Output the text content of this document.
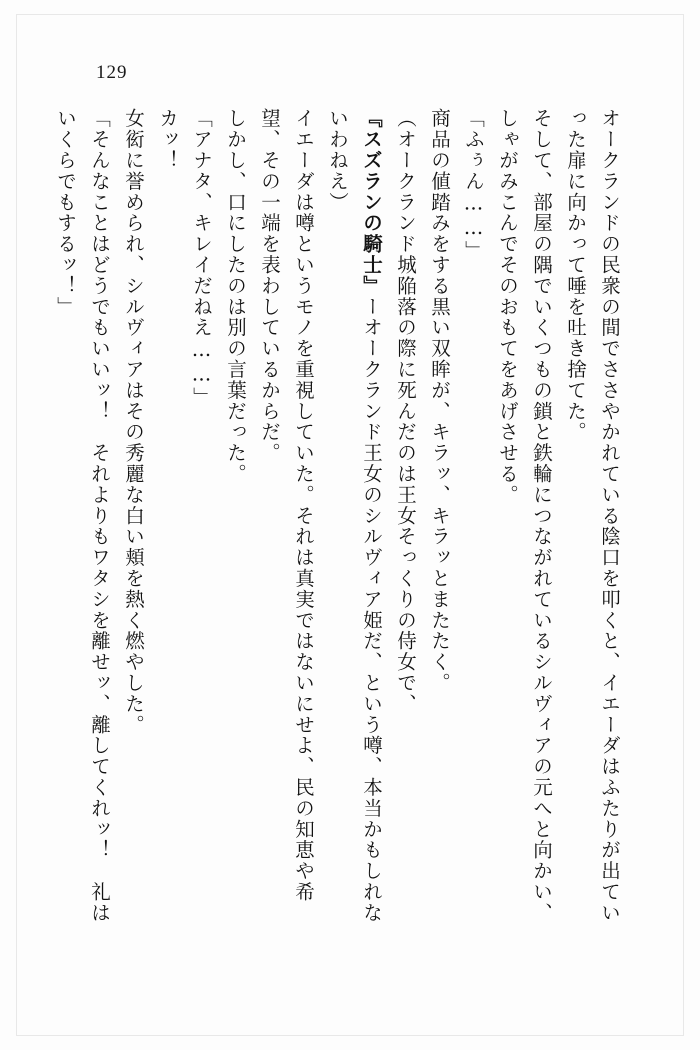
129

オークランドの民衆の間でささやかれている陰口を叩くと、イエーダはふたりが出ていった扉に向かって唾を吐き捨てた。

そして、部屋の隅でいくつもの鎖と鉄輪につながれているシルヴィアの元へと向かい、しゃがみこんでそのおもてをあげさせる。

「ふぅん……」

商品の値踏みをする黒い双眸が、キラッ、キラッとまたたく。

（オークランド城陥落の際に死んだのは王女そっくりの侍女で、

『スズランの騎士』ーオークランド王女のシルヴィア姫だ、という噂、本当かもしれないわねえ）

イエーダは噂というモノを重視していた。それは真実ではないにせよ、民の知恵や希望、その一端を表わしているからだ。

しかし、口にしたのは別の言葉だった。

「アナタ、キレイだねえ……」

カッ！

女衒に誉められ、シルヴィアはその秀麗な白い頬を熱く燃やした。

「そんなことはどうでもいいッ！　それよりもワタシを離せッ、離してくれッ！　礼はいくらでもするッ！」
